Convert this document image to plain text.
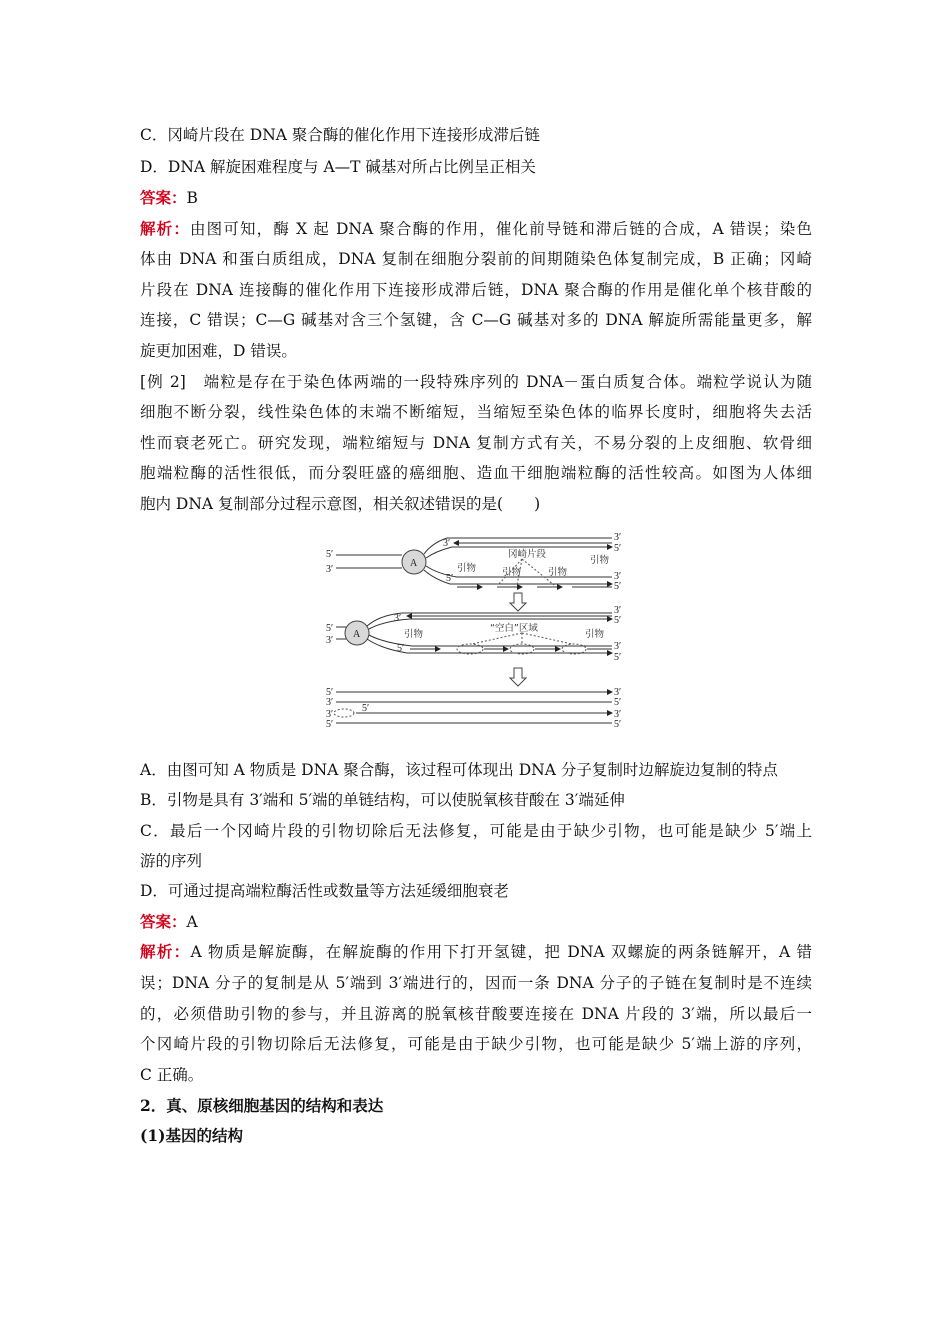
C．冈崎片段在 DNA 聚合酶的催化作用下连接形成滞后链
D．DNA 解旋困难程度与 A—T 碱基对所占比例呈正相关
答案：B
解析：由图可知，酶 X 起 DNA 聚合酶的作用，催化前导链和滞后链的合成，A 错误；染色
体由 DNA 和蛋白质组成，DNA 复制在细胞分裂前的间期随染色体复制完成，B 正确；冈崎
片段在 DNA 连接酶的催化作用下连接形成滞后链，DNA 聚合酶的作用是催化单个核苷酸的
连接，C 错误；C—G 碱基对含三个氢键，含 C—G 碱基对多的 DNA 解旋所需能量更多，解
旋更加困难，D 错误。
[例 2]　端粒是存在于染色体两端的一段特殊序列的 DNA－蛋白质复合体。端粒学说认为随
细胞不断分裂，线性染色体的末端不断缩短，当缩短至染色体的临界长度时，细胞将失去活
性而衰老死亡。研究发现，端粒缩短与 DNA 复制方式有关，不易分裂的上皮细胞、软骨细
胞端粒酶的活性很低，而分裂旺盛的癌细胞、造血干细胞端粒酶的活性较高。如图为人体细
胞内 DNA 复制部分过程示意图，相关叙述错误的是(　　)
5′
3′
A
3′
3′
5′
冈崎片段
引物	引物	引物
引物
5′	3′
5′
5′
3′
A
3′
3′
5′
“空白”区域
引物	引物
5′	3′
5′
5′
3′
3′
5′
5′
3′
5′
3′
5′
A．由图可知 A 物质是 DNA 聚合酶，该过程可体现出 DNA 分子复制时边解旋边复制的特点
B．引物是具有 3′端和 5′端的单链结构，可以使脱氧核苷酸在 3′端延伸
C．最后一个冈崎片段的引物切除后无法修复，可能是由于缺少引物，也可能是缺少 5′端上
游的序列
D．可通过提高端粒酶活性或数量等方法延缓细胞衰老
答案：A
解析：A 物质是解旋酶，在解旋酶的作用下打开氢键，把 DNA 双螺旋的两条链解开，A 错
误；DNA 分子的复制是从 5′端到 3′端进行的，因而一条 DNA 分子的子链在复制时是不连续
的，必须借助引物的参与，并且游离的脱氧核苷酸要连接在 DNA 片段的 3′端，所以最后一
个冈崎片段的引物切除后无法修复，可能是由于缺少引物，也可能是缺少 5′端上游的序列，
C 正确。
2．真、原核细胞基因的结构和表达
(1)基因的结构
